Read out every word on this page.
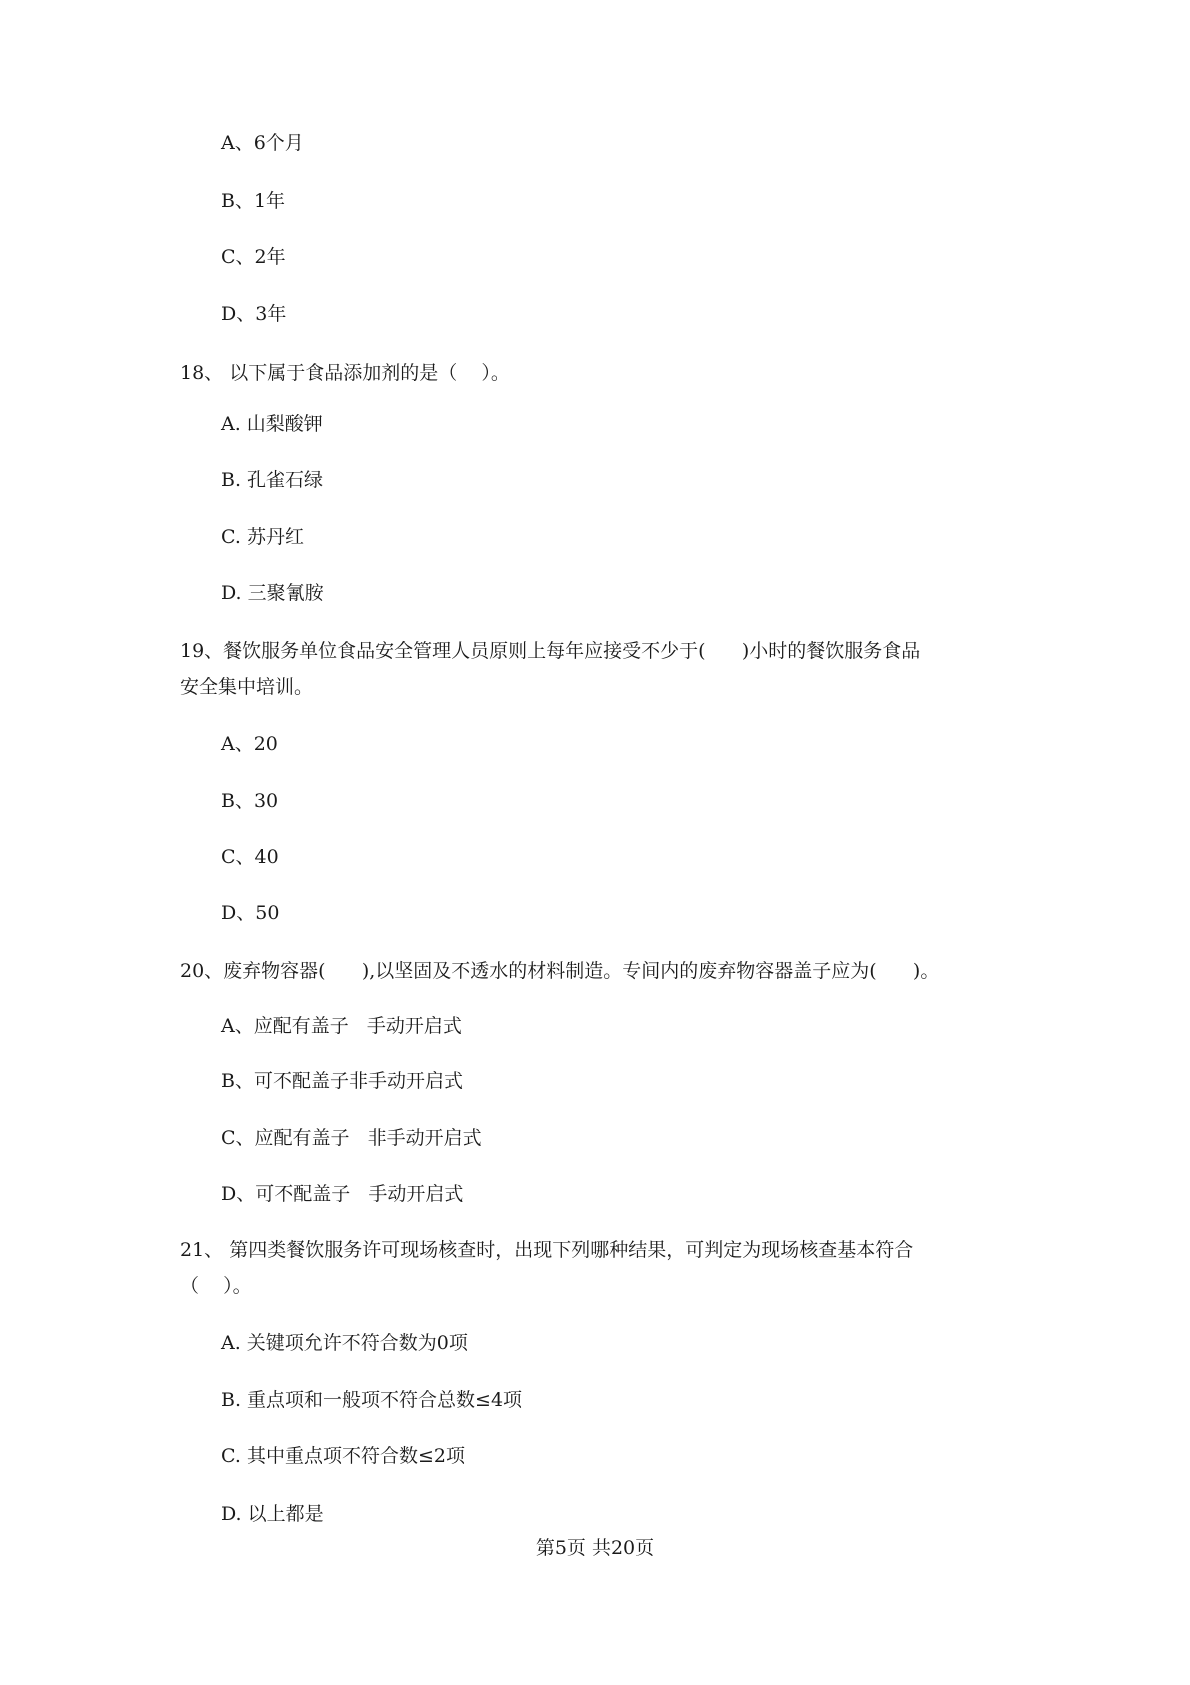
A、6个月
B、1年
C、2年
D、3年
18、 以下属于食品添加剂的是（    ）。
A. 山梨酸钾
B. 孔雀石绿
C. 苏丹红
D. 三聚氰胺
19、餐饮服务单位食品安全管理人员原则上每年应接受不少于(      )小时的餐饮服务食品
安全集中培训。
A、20
B、30
C、40
D、50
20、废弃物容器(      ),以坚固及不透水的材料制造。专间内的废弃物容器盖子应为(      )。
A、应配有盖子   手动开启式
B、可不配盖子非手动开启式
C、应配有盖子   非手动开启式
D、可不配盖子   手动开启式
21、 第四类餐饮服务许可现场核查时，出现下列哪种结果，可判定为现场核查基本符合
（    ）。
A. 关键项允许不符合数为0项
B. 重点项和一般项不符合总数≤4项
C. 其中重点项不符合数≤2项
D. 以上都是
第5页 共20页
